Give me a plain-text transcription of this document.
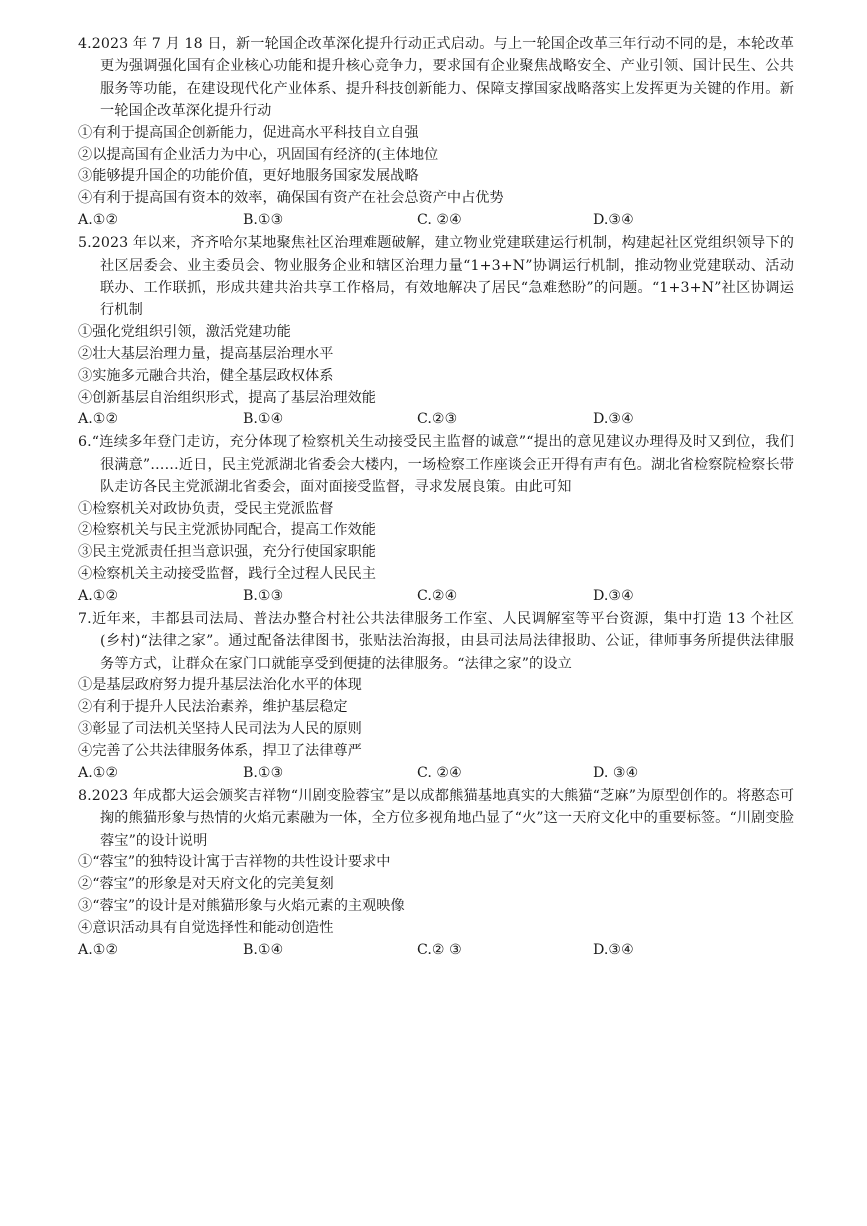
4.2023 年 7 月 18 日，新一轮国企改革深化提升行动正式启动。与上一轮国企改革三年行动不同的是，本轮改革更为强调强化国有企业核心功能和提升核心竞争力，要求国有企业聚焦战略安全、产业引领、国计民生、公共服务等功能，在建设现代化产业体系、提升科技创新能力、保障支撑国家战略落实上发挥更为关键的作用。新一轮国企改革深化提升行动
①有利于提高国企创新能力，促进高水平科技自立自强
②以提高国有企业活力为中心，巩固国有经济的(主体地位
③能够提升国企的功能价值，更好地服务国家发展战略
④有利于提高国有资本的效率，确保国有资产在社会总资产中占优势
A.①②	B.①③	C. ②④	D.③④
5.2023 年以来，齐齐哈尔某地聚焦社区治理难题破解，建立物业党建联建运行机制，构建起社区党组织领导下的社区居委会、业主委员会、物业服务企业和辖区治理力量“1+3+N”协调运行机制，推动物业党建联动、活动联办、工作联抓，形成共建共治共享工作格局，有效地解决了居民“急难愁盼”的问题。“1+3+N”社区协调运行机制
①强化党组织引领，激活党建功能
②壮大基层治理力量，提高基层治理水平
③实施多元融合共治，健全基层政权体系
④创新基层自治组织形式，提高了基层治理效能
A.①②	B.①④	C.②③	D.③④
6.“连续多年登门走访，充分体现了检察机关生动接受民主监督的诚意”“提出的意见建议办理得及时又到位，我们很满意”……近日，民主党派湖北省委会大楼内，一场检察工作座谈会正开得有声有色。湖北省检察院检察长带队走访各民主党派湖北省委会，面对面接受监督，寻求发展良策。由此可知
①检察机关对政协负责，受民主党派监督
②检察机关与民主党派协同配合，提高工作效能
③民主党派责任担当意识强，充分行使国家职能
④检察机关主动接受监督，践行全过程人民民主
A.①②	B.①③	C.②④	D.③④
7.近年来，丰都县司法局、普法办整合村社公共法律服务工作室、人民调解室等平台资源，集中打造 13 个社区(乡村)“法律之家”。通过配备法律图书，张贴法治海报，由县司法局法律报助、公证，律师事务所提供法律服务等方式，让群众在家门口就能享受到便捷的法律服务。“法律之家”的设立
①是基层政府努力提升基层法治化水平的体现
②有利于提升人民法治素养，维护基层稳定
③彰显了司法机关坚持人民司法为人民的原则
④完善了公共法律服务体系，捍卫了法律尊严
A.①②	B.①③	C. ②④	D. ③④
8.2023 年成都大运会颁奖吉祥物“川剧变脸蓉宝”是以成都熊猫基地真实的大熊猫“芝麻”为原型创作的。将憨态可掬的熊猫形象与热情的火焰元素融为一体，全方位多视角地凸显了“火”这一天府文化中的重要标签。“川剧变脸蓉宝”的设计说明
①“蓉宝”的独特设计寓于吉祥物的共性设计要求中
②“蓉宝”的形象是对天府文化的完美复刻
③“蓉宝”的设计是对熊猫形象与火焰元素的主观映像
④意识活动具有自觉选择性和能动创造性
A.①②	B.①④	C.② ③	D.③④
